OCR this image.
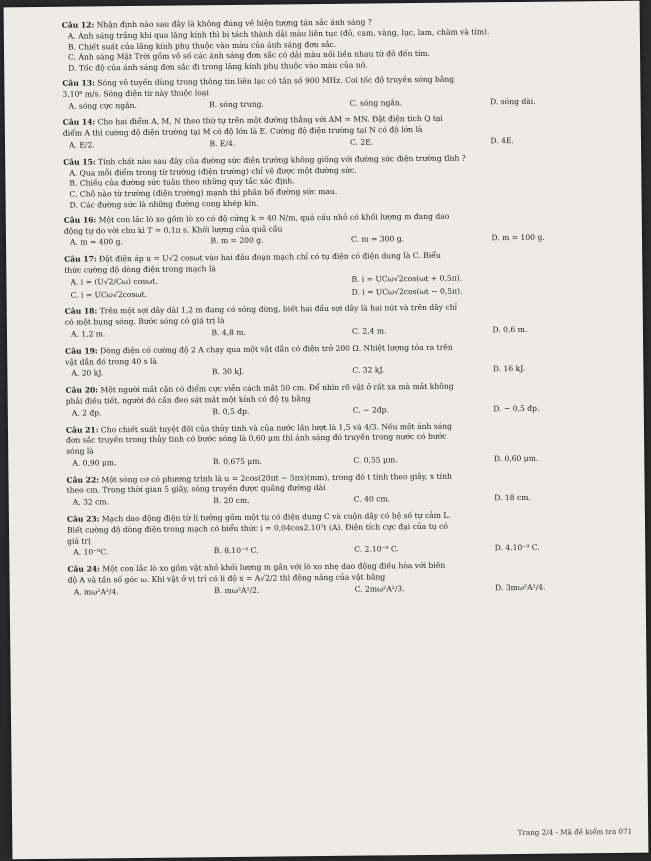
Câu 12: Nhận định nào sau đây là không đúng về hiện tượng tán sắc ánh sáng ?
A. Ánh sáng trắng khi qua lăng kính thì bị tách thành dải màu liên tục (đỏ, cam, vàng, lục, lam, chàm và tím).
B. Chiết suất của lăng kính phụ thuộc vào màu của ánh sáng đơn sắc.
C. Ánh sáng Mặt Trời gồm vô số các ánh sáng đơn sắc có dải màu nối liền nhau từ đỏ đến tím.
D. Tốc độ của ánh sáng đơn sắc đi trong lăng kính phụ thuộc vào màu của nó.
Câu 13: Sóng vô tuyến dùng trong thông tin liên lạc có tần số 900 MHz. Coi tốc độ truyền sóng bằng
3.10⁸ m/s. Sóng điện từ này thuộc loại
A. sóng cực ngắn.	B. sóng trung.	C. sóng ngắn.	D. sóng dài.
Câu 14: Cho hai điểm A, M, N theo thứ tự trên một đường thẳng với AM = MN. Đặt điện tích Q tại
điểm A thì cường độ điện trường tại M có độ lớn là E. Cường độ điện trường tại N có độ lớn là
A. E/2.	B. E/4.	C. 2E.	D. 4E.
Câu 15: Tính chất nào sau đây của đường sức điện trường không giống với đường sức điện trường tĩnh ?
A. Qua mỗi điểm trong từ trường (điện trường) chỉ vẽ được một đường sức.
B. Chiều của đường sức tuân theo những quy tắc xác định.
C. Chỗ nào từ trường (điện trường) mạnh thì phân bố đường sức mau.
D. Các đường sức là những đường cong khép kín.
Câu 16: Một con lắc lò xo gồm lò xo có độ cứng k = 40 N/m, quả cầu nhỏ có khối lượng m đang dao
động tự do với chu kì T = 0,1π s. Khối lượng của quả cầu
A. m = 400 g.	B. m = 200 g.	C. m = 300 g.	D. m = 100 g.
Câu 17: Đặt điện áp u = U√2 cosωt vào hai đầu đoạn mạch chỉ có tụ điện có điện dung là C. Biểu
thức cường độ dòng điện trong mạch là
A. i = (U√2/Cω) cosωt.	B. i = UCω√2cos(ωt + 0,5π).
C. i = UCω√2cosωt.	D. i = UCω√2cos(ωt − 0,5π).
Câu 18: Trên một sợi dây dài 1,2 m đang có sóng dừng, biết hai đầu sợi dây là hai nút và trên dây chỉ
có một bụng sóng. Bước sóng có giá trị là
A. 1,2 m.	B. 4,8 m.	C. 2,4 m.	D. 0,6 m.
Câu 19: Dòng điện có cường độ 2 A chạy qua một vật dẫn có điện trở 200 Ω. Nhiệt lượng tỏa ra trên
vật dẫn đó trong 40 s là
A. 20 kJ.	B. 30 kJ.	C. 32 kJ.	D. 16 kJ.
Câu 20: Một người mắt cận có điểm cực viễn cách mắt 50 cm. Để nhìn rõ vật ở rất xa mà mắt không
phải điều tiết, người đó cần đeo sát mắt một kính có độ tụ bằng
A. 2 đp.	B. 0,5 đp.	C. − 2đp.	D. − 0,5 đp.
Câu 21: Cho chiết suất tuyệt đối của thủy tinh và của nước lần lượt là 1,5 và 4/3. Nếu một ánh sáng
đơn sắc truyền trong thủy tinh có bước sóng là 0,60 μm thì ánh sáng đó truyền trong nước có bước
sóng là
A. 0,90 μm.	B. 0,675 μm.	C. 0,55 μm.	D. 0,60 μm.
Câu 22: Một sóng cơ có phương trình là u = 2cos(20πt − 5πx)(mm), trong đó t tính theo giây, x tính
theo cm. Trong thời gian 5 giây, sóng truyền được quãng đường dài
A. 32 cm.	B. 20 cm.	C. 40 cm.	D. 18 cm.
Câu 23: Mạch dao động điện từ lí tưởng gồm một tụ có điện dung C và cuộn dây có hệ số tự cảm L.
Biết cường độ dòng điện trong mạch có biểu thức i = 0,04cos2.10⁷t (A). Điện tích cực đại của tụ có
giá trị
A. 10⁻⁹C.	B. 8.10⁻⁹ C.	C. 2.10⁻⁹ C.	D. 4.10⁻⁹ C.
Câu 24: Một con lắc lò xo gồm vật nhỏ khối lượng m gắn với lò xo nhẹ dao động điều hòa với biên
độ A và tần số góc ω. Khi vật ở vị trí có li độ x = A√2/2 thì động năng của vật bằng
A. mω²A²/4.	B. mω²A²/2.	C. 2mω²A²/3.	D. 3mω²A²/4.
Trang 2/4 - Mã đề kiểm tra 071
